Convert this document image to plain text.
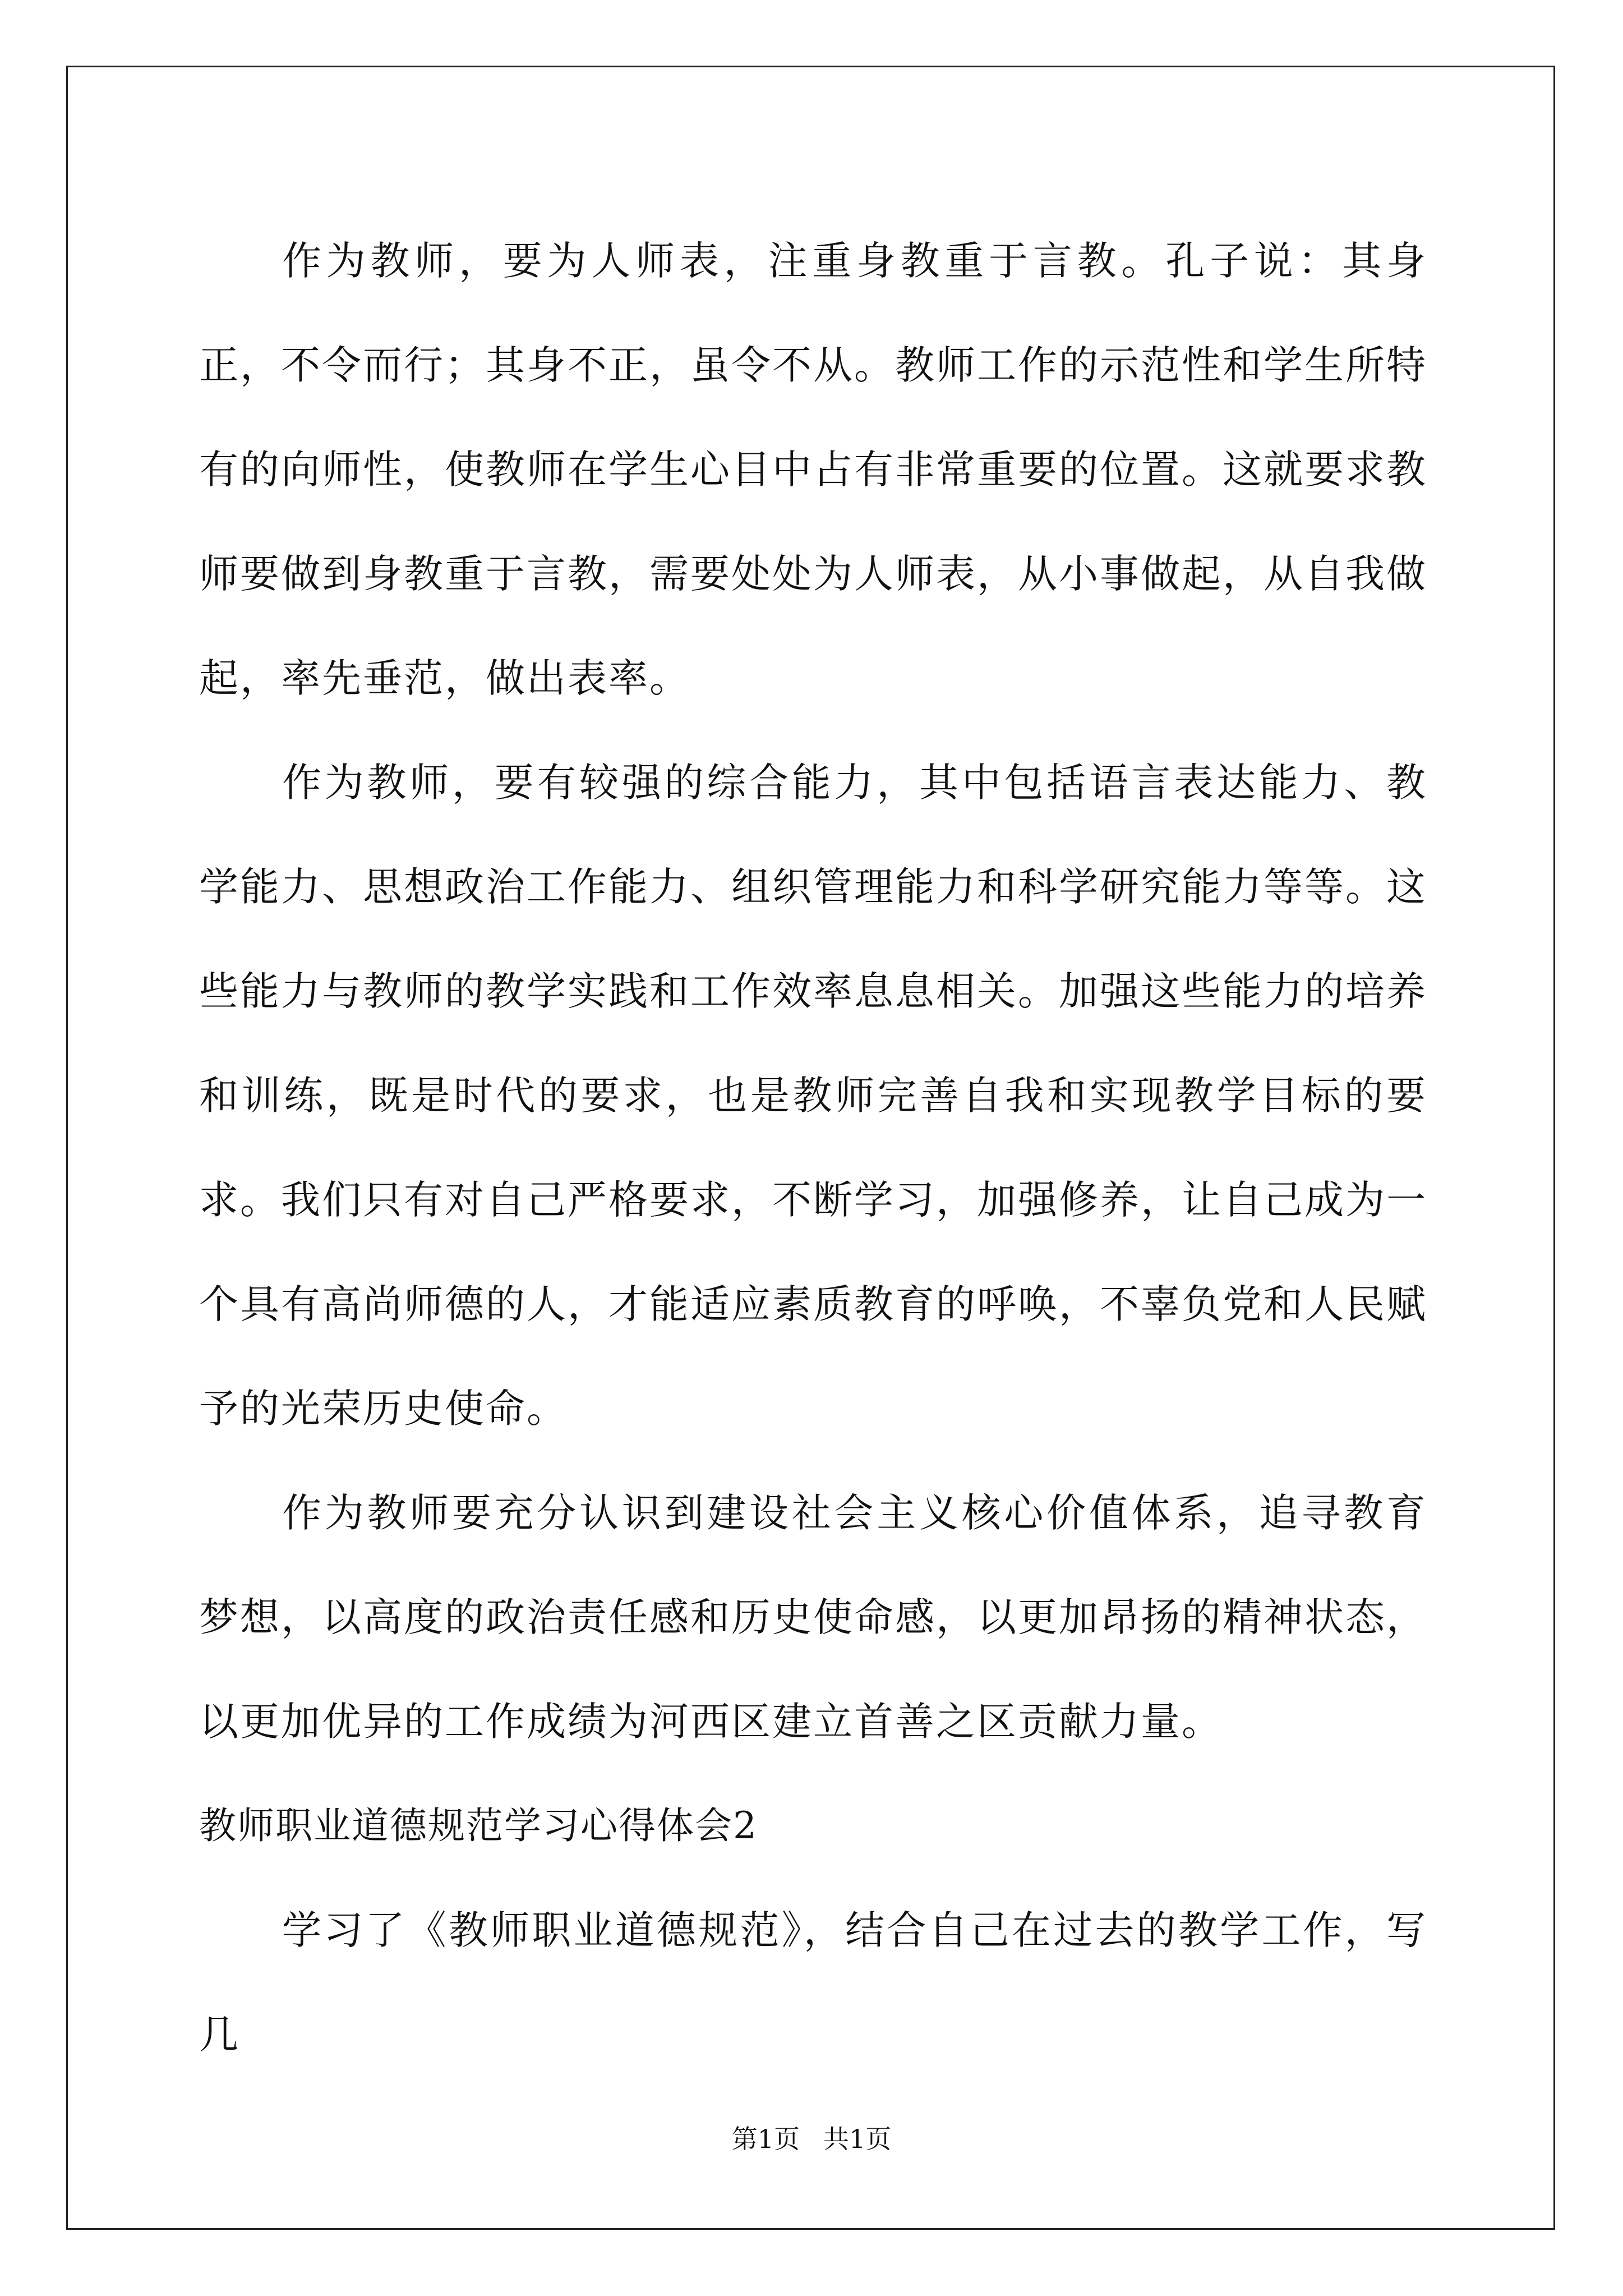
作为教师，要为人师表，注重身教重于言教。孔子说：其身正，不令而行；其身不正，虽令不从。教师工作的示范性和学生所特有的向师性，使教师在学生心目中占有非常重要的位置。这就要求教师要做到身教重于言教，需要处处为人师表，从小事做起，从自我做起，率先垂范，做出表率。

作为教师，要有较强的综合能力，其中包括语言表达能力、教学能力、思想政治工作能力、组织管理能力和科学研究能力等等。这些能力与教师的教学实践和工作效率息息相关。加强这些能力的培养和训练，既是时代的要求，也是教师完善自我和实现教学目标的要求。我们只有对自己严格要求，不断学习，加强修养，让自己成为一个具有高尚师德的人，才能适应素质教育的呼唤，不辜负党和人民赋予的光荣历史使命。

作为教师要充分认识到建设社会主义核心价值体系，追寻教育梦想，以高度的政治责任感和历史使命感，以更加昂扬的精神状态，以更加优异的工作成绩为河西区建立首善之区贡献力量。

教师职业道德规范学习心得体会2

学习了《教师职业道德规范》，结合自己在过去的教学工作，写几

第1页 共1页
